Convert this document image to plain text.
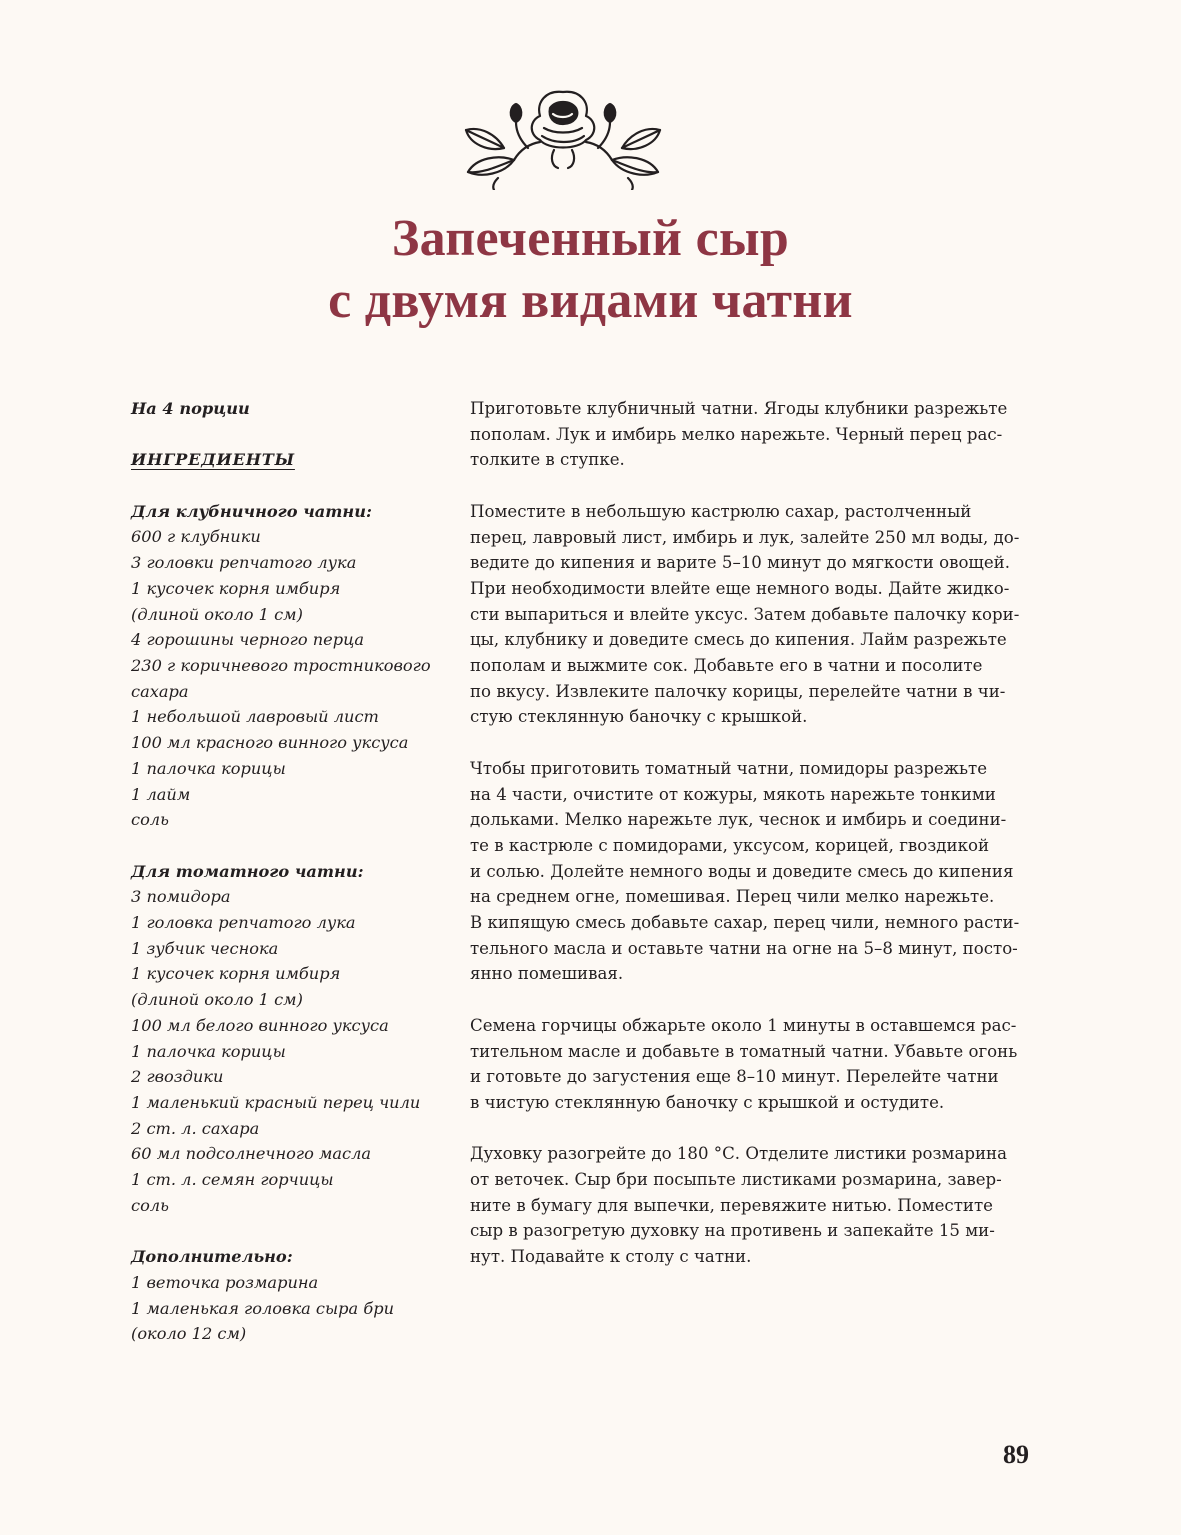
Запеченный сыр
с двумя видами чатни
На 4 порции
ИНГРЕДИЕНТЫ
Для клубничного чатни:
600 г клубники
3 головки репчатого лука
1 кусочек корня имбиря
(длиной около 1 см)
4 горошины черного перца
230 г коричневого тростникового
сахара
1 небольшой лавровый лист
100 мл красного винного уксуса
1 палочка корицы
1 лайм
соль
Для томатного чатни:
3 помидора
1 головка репчатого лука
1 зубчик чеснока
1 кусочек корня имбиря
(длиной около 1 см)
100 мл белого винного уксуса
1 палочка корицы
2 гвоздики
1 маленький красный перец чили
2 ст. л. сахара
60 мл подсолнечного масла
1 ст. л. семян горчицы
соль
Дополнительно:
1 веточка розмарина
1 маленькая головка сыра бри
(около 12 см)

Приготовьте клубничный чатни. Ягоды клубники разрежьте
пополам. Лук и имбирь мелко нарежьте. Черный перец рас-
толките в ступке.

Поместите в небольшую кастрюлю сахар, растолченный
перец, лавровый лист, имбирь и лук, залейте 250 мл воды, до-
ведите до кипения и варите 5–10 минут до мягкости овощей.
При необходимости влейте еще немного воды. Дайте жидко-
сти выпариться и влейте уксус. Затем добавьте палочку кори-
цы, клубнику и доведите смесь до кипения. Лайм разрежьте
пополам и выжмите сок. Добавьте его в чатни и посолите
по вкусу. Извлеките палочку корицы, перелейте чатни в чи-
стую стеклянную баночку с крышкой.

Чтобы приготовить томатный чатни, помидоры разрежьте
на 4 части, очистите от кожуры, мякоть нарежьте тонкими
дольками. Мелко нарежьте лук, чеснок и имбирь и соедини-
те в кастрюле с помидорами, уксусом, корицей, гвоздикой
и солью. Долейте немного воды и доведите смесь до кипения
на среднем огне, помешивая. Перец чили мелко нарежьте.
В кипящую смесь добавьте сахар, перец чили, немного расти-
тельного масла и оставьте чатни на огне на 5–8 минут, посто-
янно помешивая.

Семена горчицы обжарьте около 1 минуты в оставшемся рас-
тительном масле и добавьте в томатный чатни. Убавьте огонь
и готовьте до загустения еще 8–10 минут. Перелейте чатни
в чистую стеклянную баночку с крышкой и остудите.

Духовку разогрейте до 180 °С. Отделите листики розмарина
от веточек. Сыр бри посыпьте листиками розмарина, завер-
ните в бумагу для выпечки, перевяжите нитью. Поместите
сыр в разогретую духовку на противень и запекайте 15 ми-
нут. Подавайте к столу с чатни.

89
